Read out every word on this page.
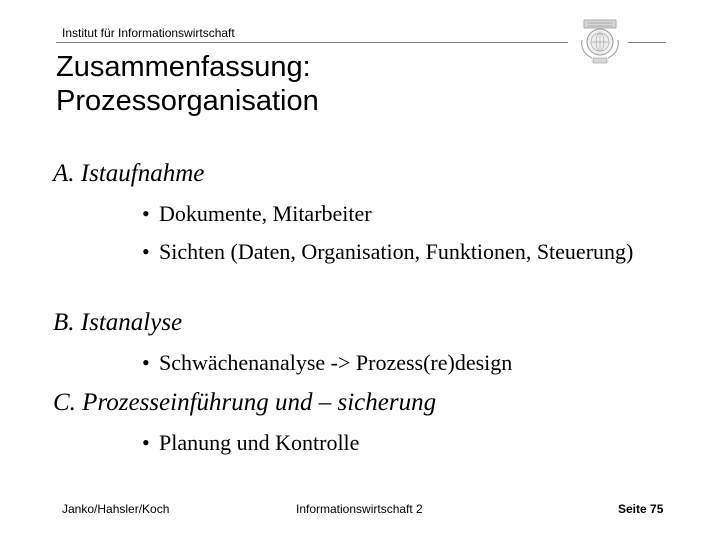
Institut für Informationswirtschaft
Zusammenfassung:
Prozessorganisation
A. Istaufnahme
• Dokumente, Mitarbeiter
• Sichten (Daten, Organisation, Funktionen, Steuerung)
B. Istanalyse
• Schwächenanalyse -> Prozess(re)design
C. Prozesseinführung und – sicherung
• Planung und Kontrolle
Janko/Hahsler/Koch	Informationswirtschaft 2	Seite 75
